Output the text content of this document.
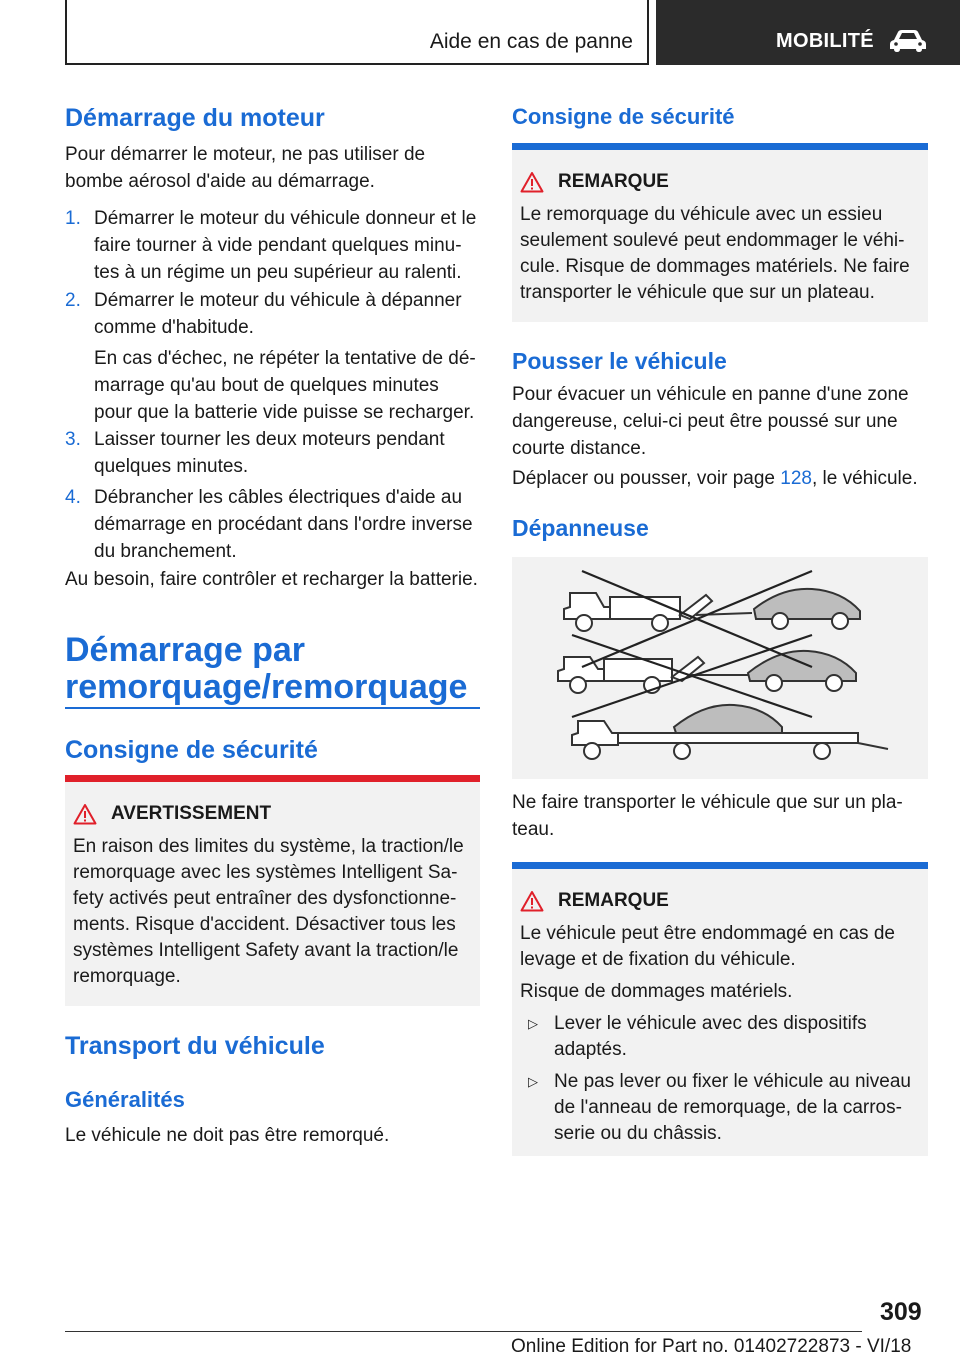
Aide en cas de panne	MOBILITÉ
Démarrage du moteur
Pour démarrer le moteur, ne pas utiliser de bombe aérosol d'aide au démarrage.
1. Démarrer le moteur du véhicule donneur et le faire tourner à vide pendant quelques minu‐tes à un régime un peu supérieur au ralenti.
2. Démarrer le moteur du véhicule à dépanner comme d'habitude.
En cas d'échec, ne répéter la tentative de dé‐marrage qu'au bout de quelques minutes pour que la batterie vide puisse se recharger.
3. Laisser tourner les deux moteurs pendant quelques minutes.
4. Débrancher les câbles électriques d'aide au démarrage en procédant dans l'ordre inverse du branchement.
Au besoin, faire contrôler et recharger la batterie.
Démarrage par remorquage/remorquage
Consigne de sécurité
AVERTISSEMENT
En raison des limites du système, la traction/le remorquage avec les systèmes Intelligent Sa‐fety activés peut entraîner des dysfonctionne‐ments. Risque d'accident. Désactiver tous les systèmes Intelligent Safety avant la traction/le remorquage.
Transport du véhicule
Généralités
Le véhicule ne doit pas être remorqué.
Consigne de sécurité
REMARQUE
Le remorquage du véhicule avec un essieu seulement soulevé peut endommager le véhi‐cule. Risque de dommages matériels. Ne faire transporter le véhicule que sur un plateau.
Pousser le véhicule
Pour évacuer un véhicule en panne d'une zone dangereuse, celui-ci peut être poussé sur une courte distance.
Déplacer ou pousser, voir page 128, le véhicule.
Dépanneuse
Ne faire transporter le véhicule que sur un pla‐teau.
REMARQUE
Le véhicule peut être endommagé en cas de levage et de fixation du véhicule.
Risque de dommages matériels.
▷ Lever le véhicule avec des dispositifs adaptés.
▷ Ne pas lever ou fixer le véhicule au niveau de l'anneau de remorquage, de la carros‐serie ou du châssis.
309
Online Edition for Part no. 01402722873 - VI/18
